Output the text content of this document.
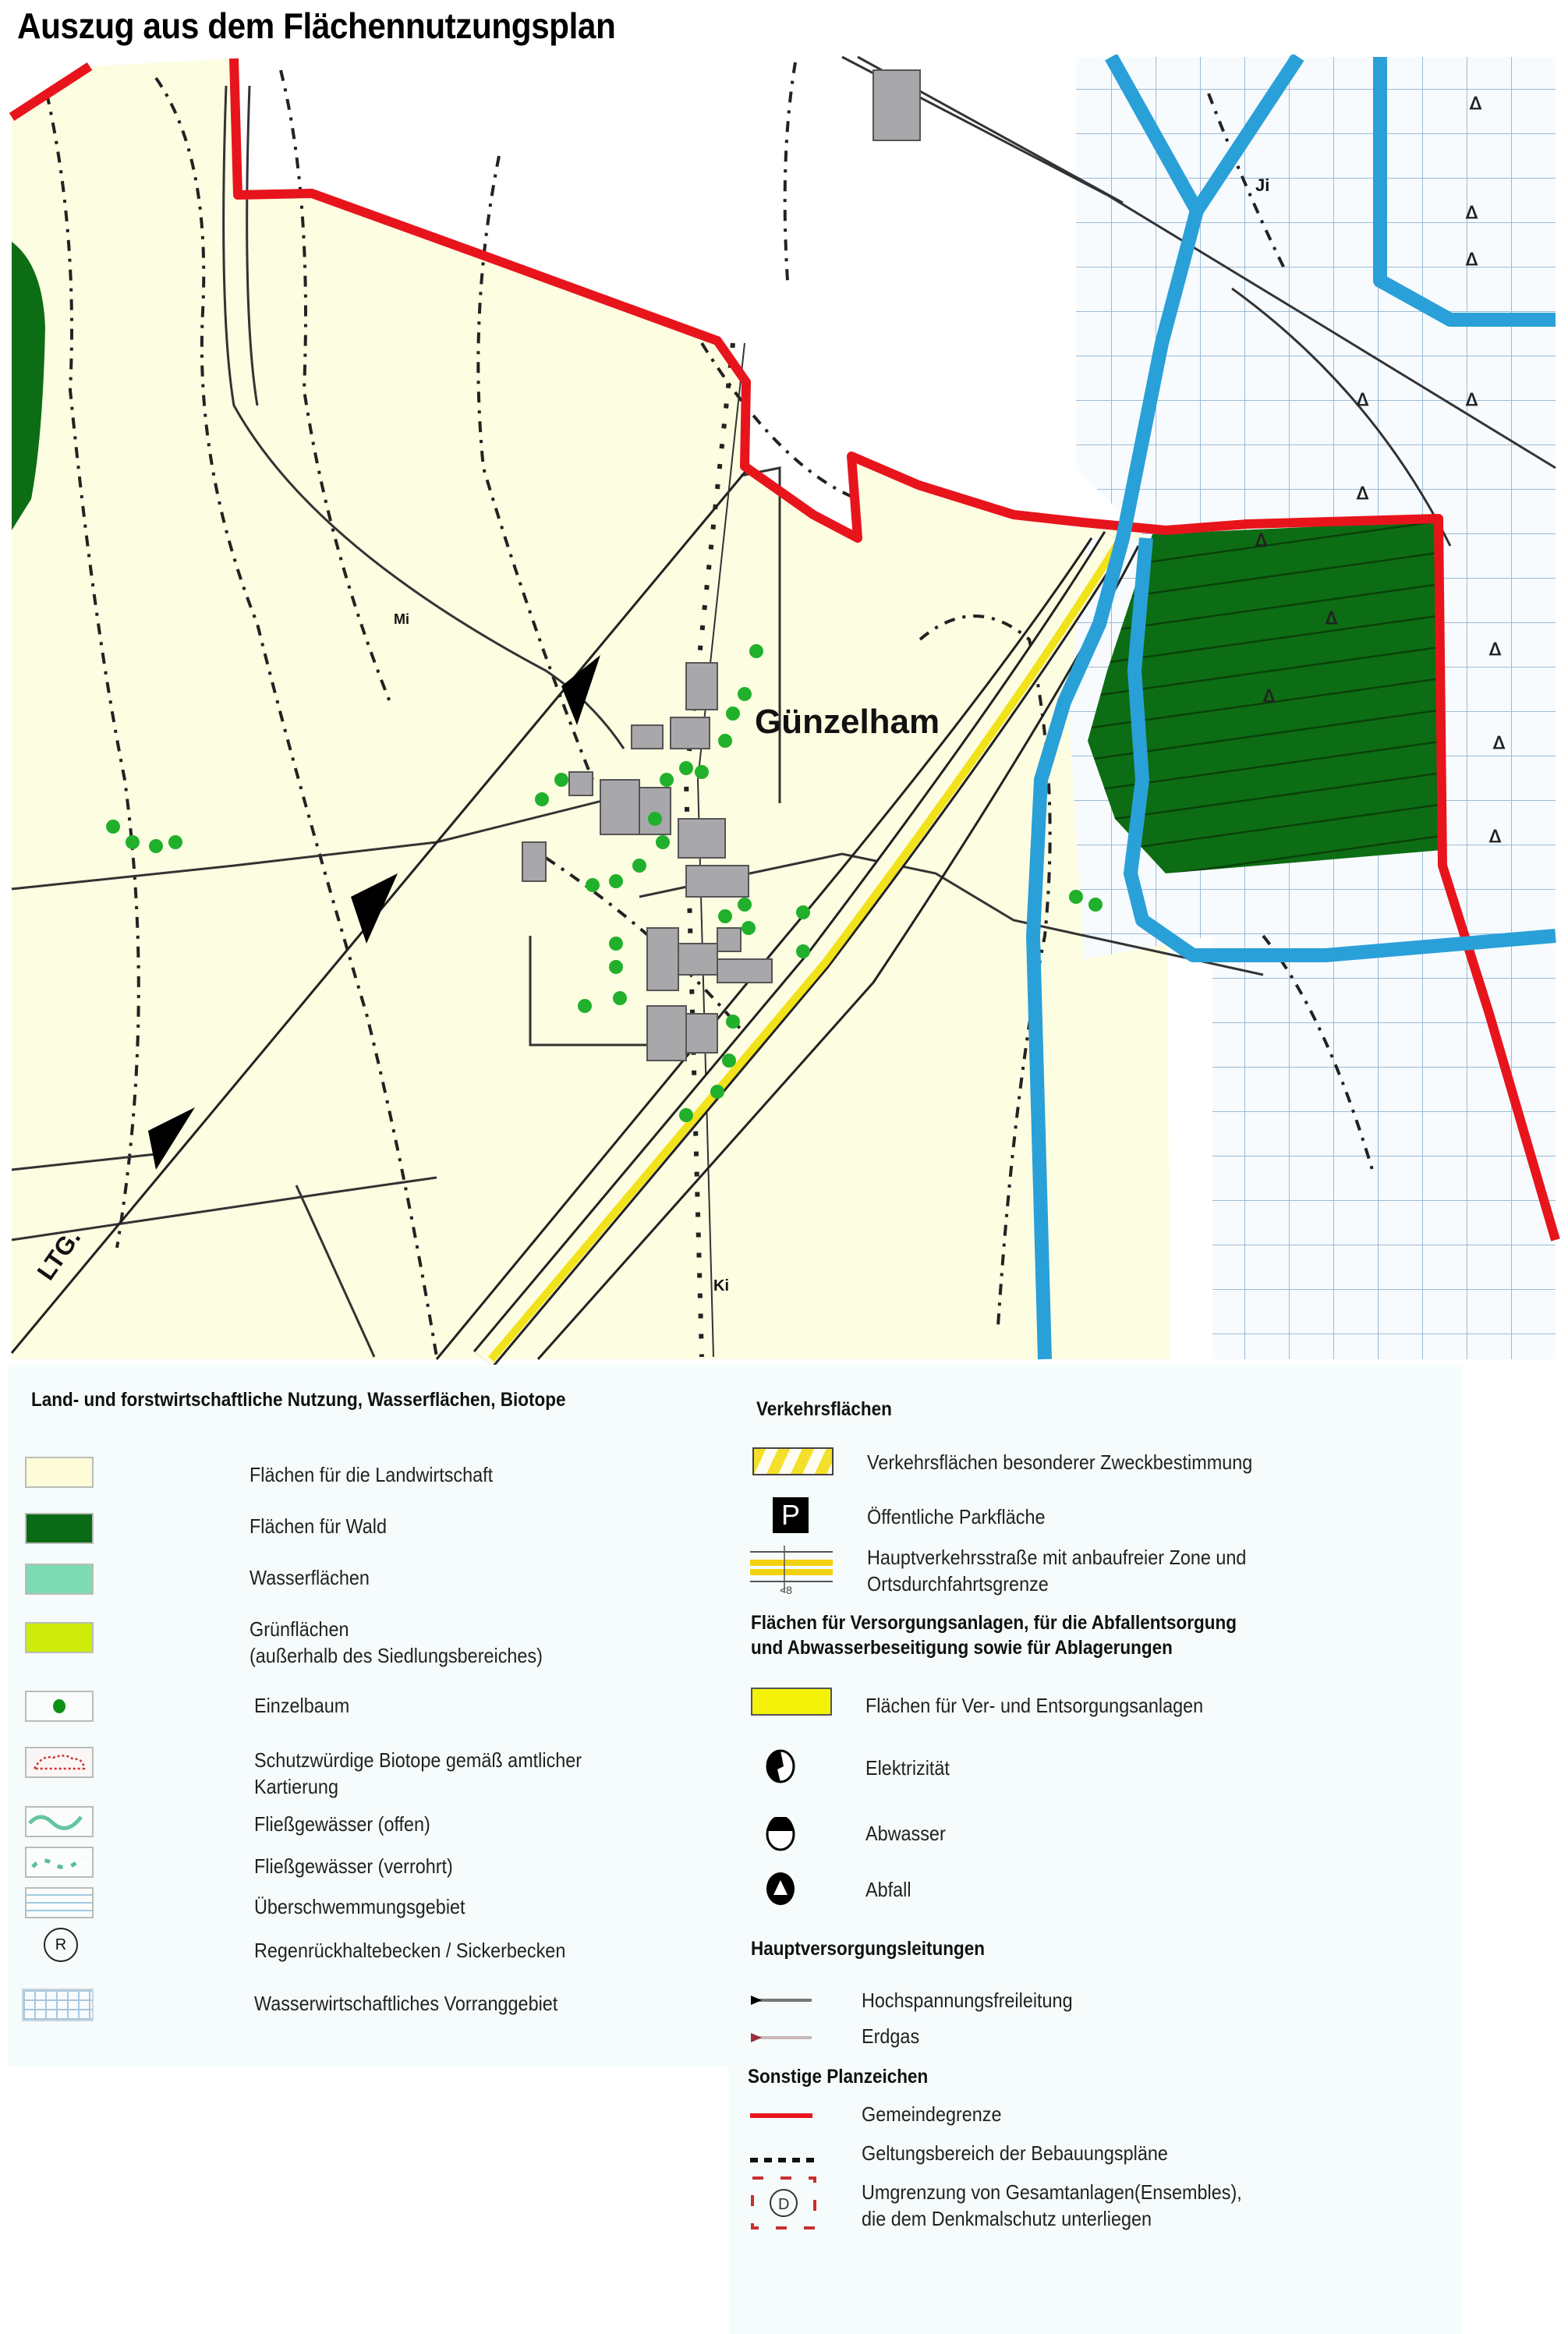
Auszug aus dem Flächennutzungsplan
ᐃ
ᐃ
ᐃ
ᐃ	ᐃ
ᐃ
ᐃ
ᐃ
ᐃ
ᐃ
ᐃ
ᐃ
Günzelham
LTG.
Mi
Ki
Ji
Land- und forstwirtschaftliche Nutzung, Wasserflächen, Biotope
Flächen für die Landwirtschaft
Flächen für Wald
Wasserflächen
Grünflächen
(außerhalb des Siedlungsbereiches)
Einzelbaum
Schutzwürdige Biotope gemäß amtlicher
Kartierung
Fließgewässer (offen)
Fließgewässer (verrohrt)
Überschwemmungsgebiet
R	Regenrückhaltebecken / Sickerbecken
Wasserwirtschaftliches Vorranggebiet
Verkehrsflächen
Verkehrsflächen besonderer Zweckbestimmung
P	Öffentliche Parkfläche
<8
Hauptverkehrsstraße mit anbaufreier Zone und
Ortsdurchfahrtsgrenze
Flächen für Versorgungsanlagen, für die Abfallentsorgung
und Abwasserbeseitigung sowie für Ablagerungen
Flächen für Ver- und Entsorgungsanlagen
Elektrizität
Abwasser
Abfall
Hauptversorgungsleitungen
Hochspannungsfreileitung
Erdgas
Sonstige Planzeichen
Gemeindegrenze
Geltungsbereich der Bebauungspläne
D
Umgrenzung von Gesamtanlagen(Ensembles),
die dem Denkmalschutz unterliegen
